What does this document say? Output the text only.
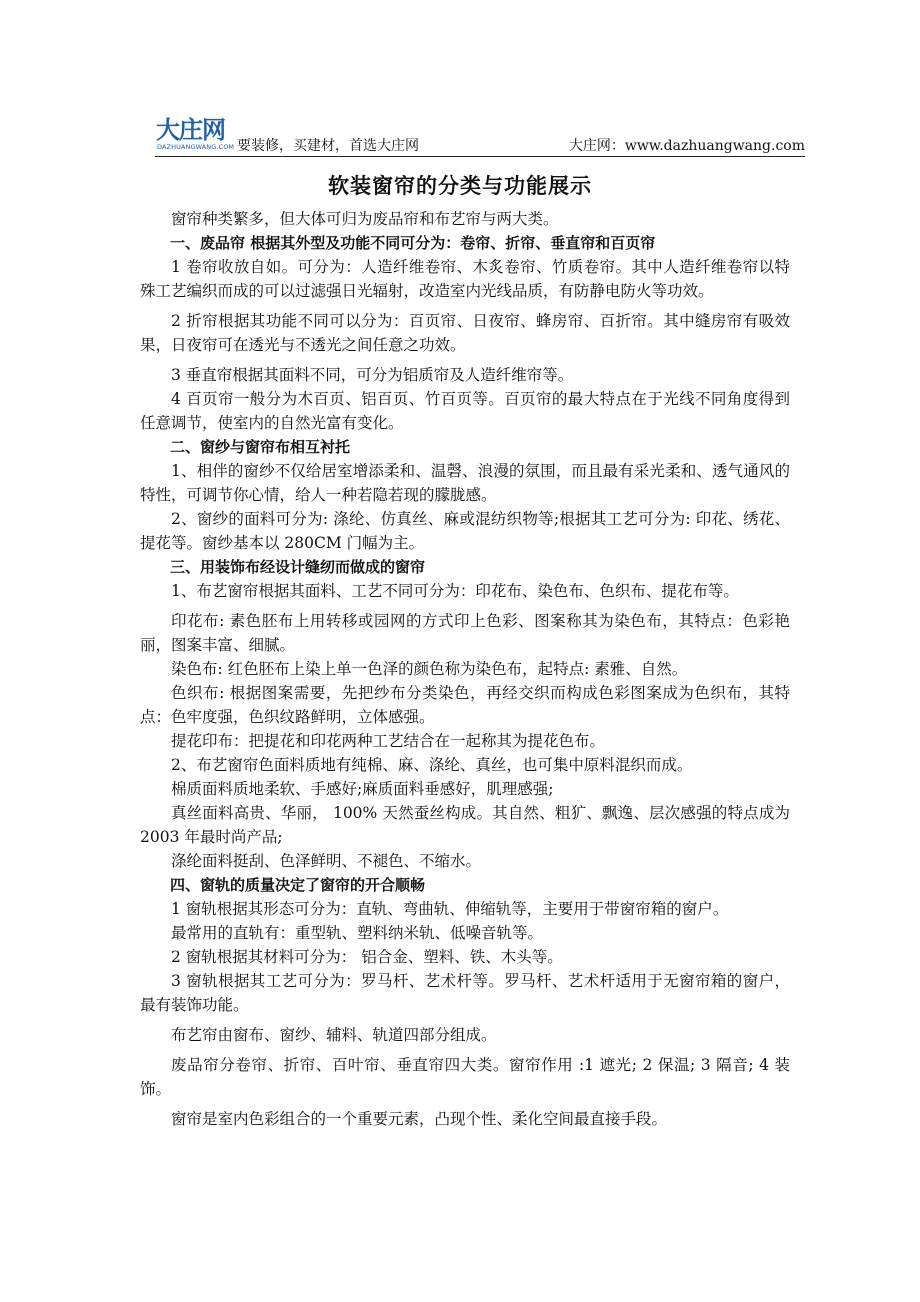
大庄网
DAZHUANGWANG.COM 要装修，买建材，首选大庄网	大庄网：www.dazhuangwang.com
软装窗帘的分类与功能展示

窗帘种类繁多，但大体可归为废品帘和布艺帘与两大类。

一、废品帘 根据其外型及功能不同可分为：卷帘、折帘、垂直帘和百页帘

1 卷帘收放自如。可分为：人造纤维卷帘、木炙卷帘、竹质卷帘。其中人造纤维卷帘以特殊工艺编织而成的可以过滤强日光辐射，改造室内光线品质，有防静电防火等功效。

2 折帘根据其功能不同可以分为：百页帘、日夜帘、蜂房帘、百折帘。其中缝房帘有吸效果，日夜帘可在透光与不透光之间任意之功效。

3 垂直帘根据其面料不同，可分为铝质帘及人造纤维帘等。

4 百页帘一般分为木百页、铝百页、竹百页等。百页帘的最大特点在于光线不同角度得到任意调节，使室内的自然光富有变化。

二、窗纱与窗帘布相互衬托

1、相伴的窗纱不仅给居室增添柔和、温磬、浪漫的氛围，而且最有采光柔和、透气通风的特性，可调节你心情，给人一种若隐若现的朦胧感。

2、窗纱的面料可分为: 涤纶、仿真丝、麻或混纺织物等;根据其工艺可分为: 印花、绣花、提花等。窗纱基本以 280CM 门幅为主。

三、用装饰布经设计缝纫而做成的窗帘

1、布艺窗帘根据其面料、工艺不同可分为：印花布、染色布、色织布、提花布等。

印花布: 素色胚布上用转移或园网的方式印上色彩、图案称其为染色布，其特点：色彩艳丽，图案丰富、细腻。

染色布: 红色胚布上染上单一色泽的颜色称为染色布，起特点: 素雅、自然。

色织布: 根据图案需要，先把纱布分类染色，再经交织而构成色彩图案成为色织布，其特点：色牢度强，色织纹路鲜明，立体感强。

提花印布：把提花和印花两种工艺结合在一起称其为提花色布。

2、布艺窗帘色面料质地有纯棉、麻、涤纶、真丝，也可集中原料混织而成。

棉质面料质地柔软、手感好;麻质面料垂感好，肌理感强;

真丝面料高贵、华丽， 100% 天然蚕丝构成。其自然、粗犷、飘逸、层次感强的特点成为 2003 年最时尚产品;

涤纶面料挺刮、色泽鲜明、不褪色、不缩水。

四、窗轨的质量决定了窗帘的开合顺畅

1 窗轨根据其形态可分为：直轨、弯曲轨、伸缩轨等，主要用于带窗帘箱的窗户。

最常用的直轨有：重型轨、塑料纳米轨、低噪音轨等。

2 窗轨根据其材料可分为： 铝合金、塑料、铁、木头等。

3 窗轨根据其工艺可分为：罗马杆、艺术杆等。罗马杆、艺术杆适用于无窗帘箱的窗户，最有装饰功能。

布艺帘由窗布、窗纱、辅料、轨道四部分组成。

废品帘分卷帘、折帘、百叶帘、垂直帘四大类。窗帘作用 :1 遮光; 2 保温; 3 隔音; 4 装饰。

窗帘是室内色彩组合的一个重要元素，凸现个性、柔化空间最直接手段。
